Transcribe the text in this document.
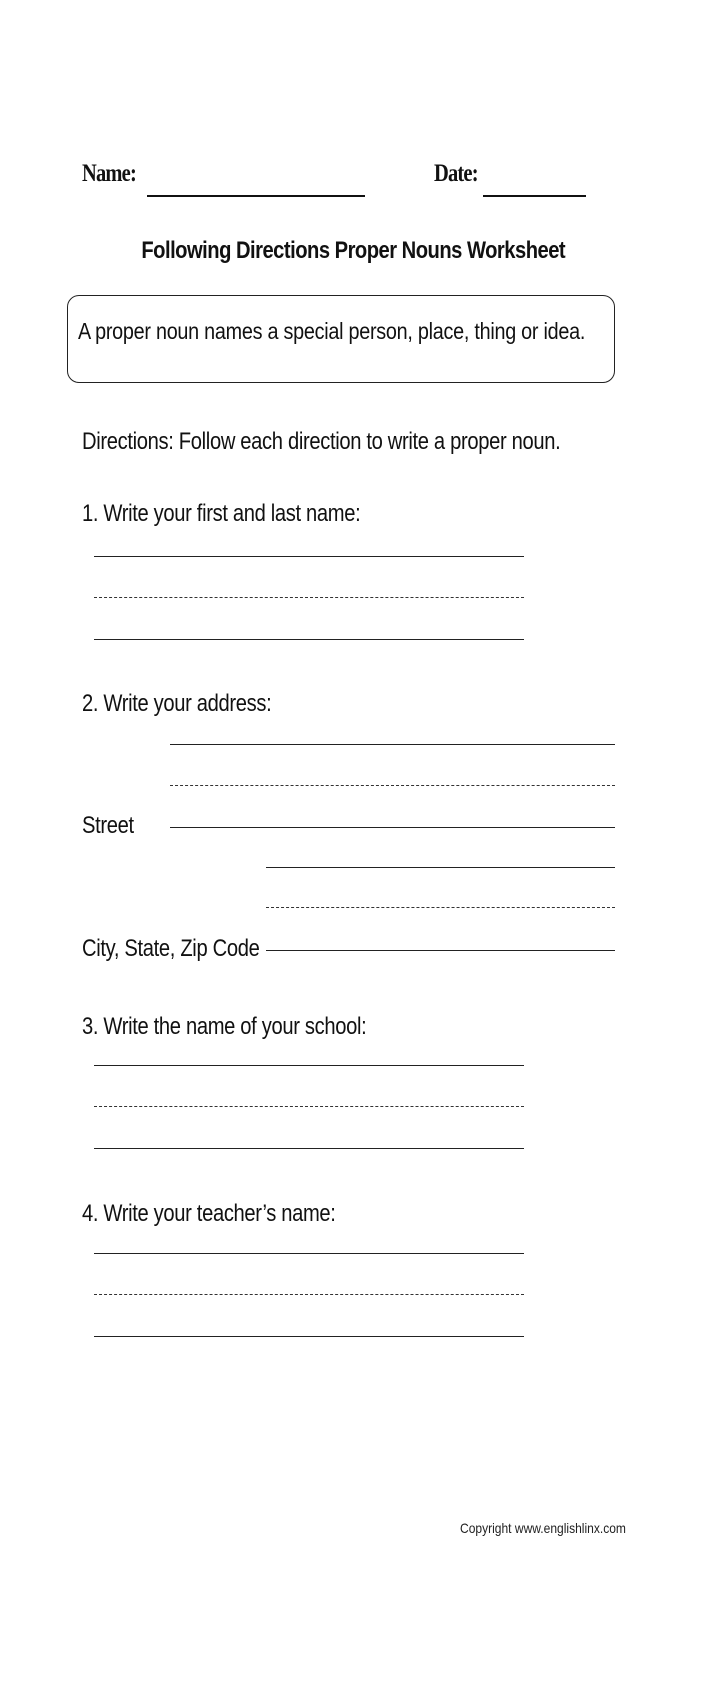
Name:	Date:
Following Directions Proper Nouns Worksheet
A proper noun names a special person, place, thing or idea.
Directions: Follow each direction to write a proper noun.
1. Write your first and last name:
2. Write your address:
Street
City, State, Zip Code
3. Write the name of your school:
4. Write your teacher’s name:
Copyright www.englishlinx.com
